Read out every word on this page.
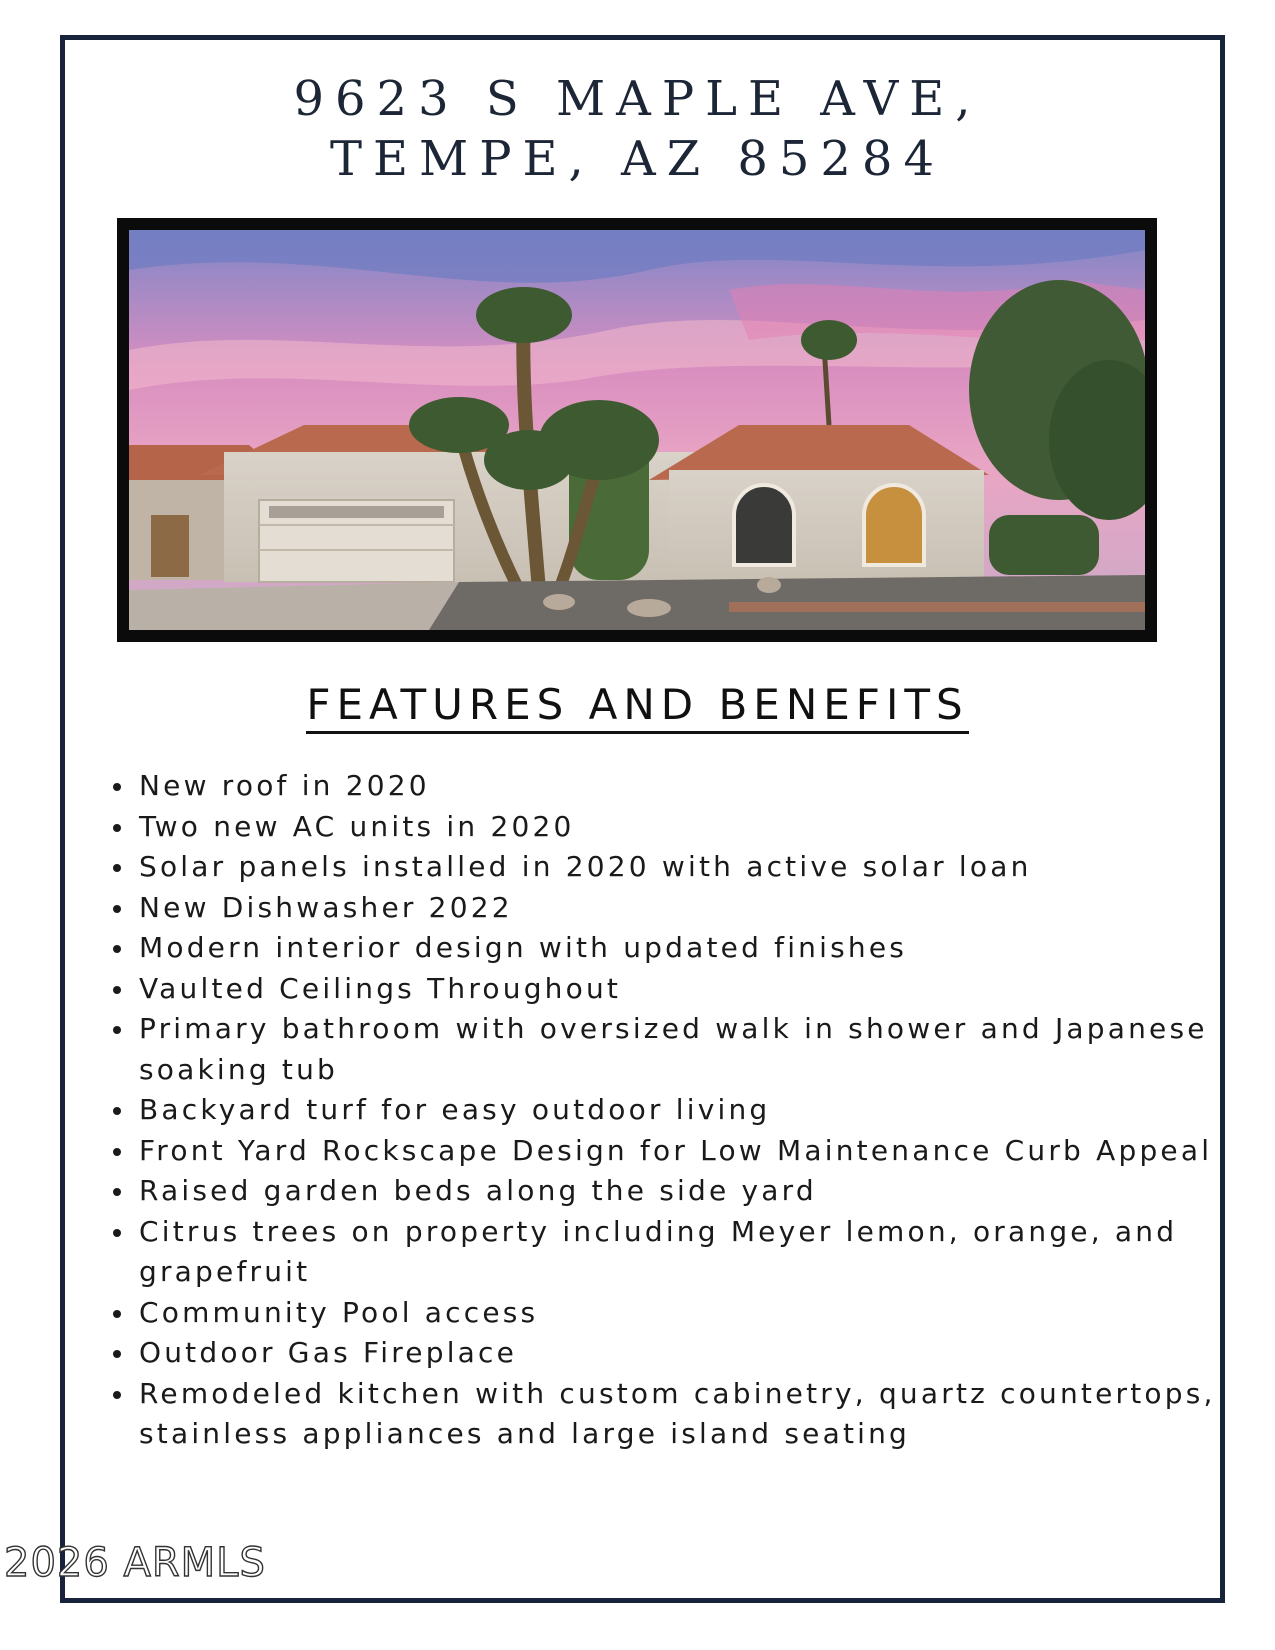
9623 S MAPLE AVE,
TEMPE, AZ 85284
FEATURES AND BENEFITS
New roof in 2020
Two new AC units in 2020
Solar panels installed in 2020 with active solar loan
New Dishwasher 2022
Modern interior design with updated finishes
Vaulted Ceilings Throughout
Primary bathroom with oversized walk in shower and Japanese soaking tub
Backyard turf for easy outdoor living
Front Yard Rockscape Design for Low Maintenance Curb Appeal
Raised garden beds along the side yard
Citrus trees on property including Meyer lemon, orange, and grapefruit
Community Pool access
Outdoor Gas Fireplace
Remodeled kitchen with custom cabinetry, quartz countertops, stainless appliances and large island seating
2026 ARMLS
